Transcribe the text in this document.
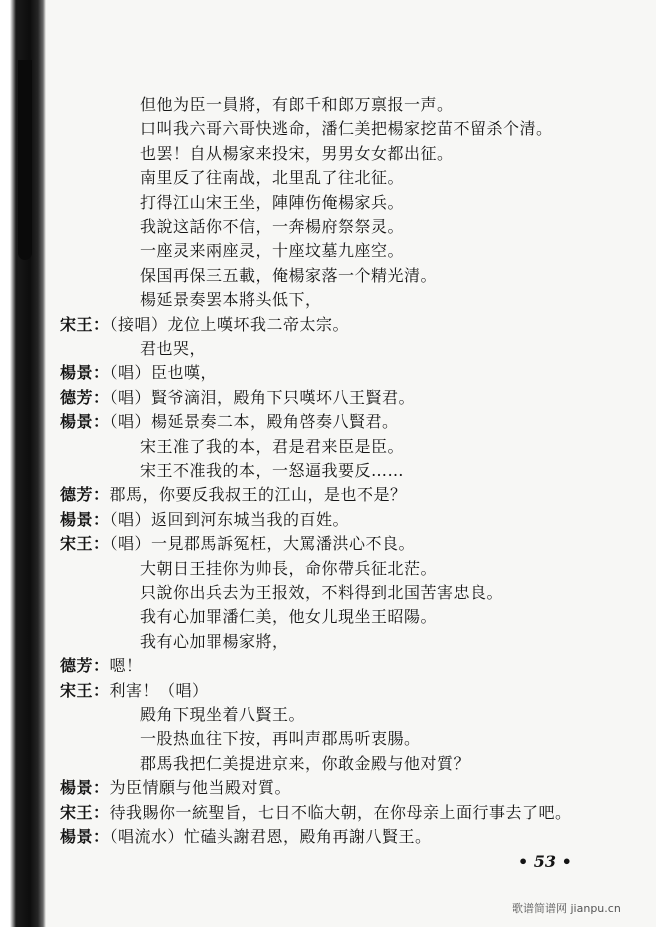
但他为臣一員將，有郎千和郎万禀报一声。
口叫我六哥六哥快逃命，潘仁美把楊家挖苗不留杀个清。
也罢！自从楊家来投宋，男男女女都出征。
南里反了往南战，北里乱了往北征。
打得江山宋王坐，陣陣伤俺楊家兵。
我說这話你不信，一奔楊府祭祭灵。
一座灵来兩座灵，十座坟墓九座空。
保国再保三五載，俺楊家落一个精光清。
楊延景奏罢本將头低下，
宋王：（接唱）龙位上嘆坏我二帝太宗。
君也哭，
楊景：（唱）臣也嘆，
德芳：（唱）賢爷滴泪，殿角下只嘆坏八王賢君。
楊景：（唱）楊延景奏二本，殿角啓奏八賢君。
宋王准了我的本，君是君来臣是臣。
宋王不准我的本，一怒逼我要反……
德芳：郡馬，你要反我叔王的江山，是也不是？
楊景：（唱）返回到河东城当我的百姓。
宋王：（唱）一見郡馬訴冤枉，大罵潘洪心不良。
大朝日王挂你为帅長，命你帶兵征北茫。
只說你出兵去为王报效，不料得到北国苦害忠良。
我有心加罪潘仁美，他女儿現坐王昭陽。
我有心加罪楊家將，
德芳：嗯！
宋王：利害！（唱）
殿角下現坐着八賢王。
一股热血往下按，再叫声郡馬听衷腸。
郡馬我把仁美提进京来，你敢金殿与他对質？
楊景：为臣情願与他当殿对質。
宋王：待我賜你一統聖旨，七日不临大朝，在你母亲上面行事去了吧。
楊景：（唱流水）忙磕头謝君恩，殿角再謝八賢王。
• 53 •
歌谱简谱网 jianpu.cn
